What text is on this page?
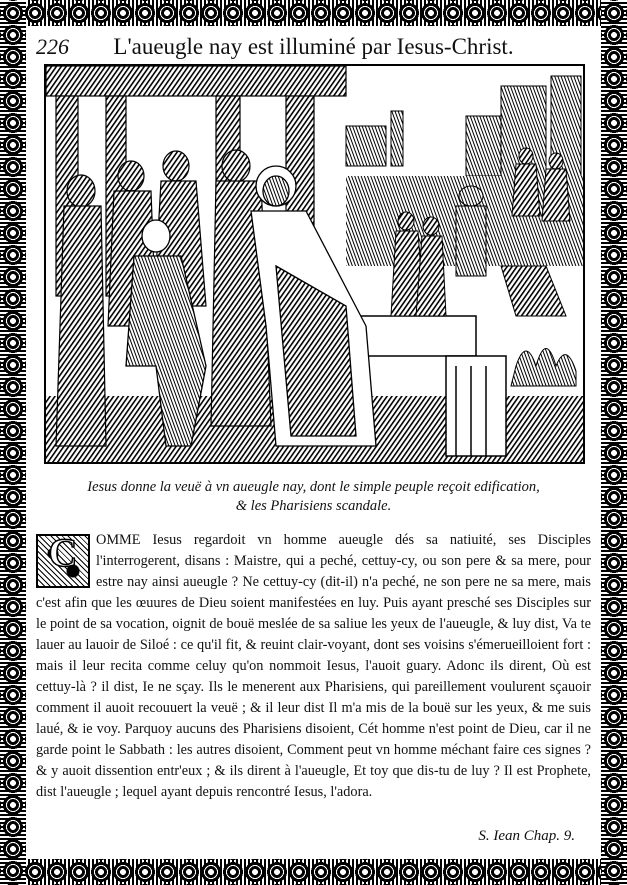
226	L'aueugle nay est illuminé par Iesus-Christ.
Iesus donne la veuë à vn aueugle nay, dont le simple peuple reçoit edification,
& les Pharisiens scandale.
C	OMME Iesus regardoit vn homme aueugle dés sa natiuité, ses Disciples l'interrogerent, disans : Maistre, qui a peché, cettuy-cy, ou son pere & sa mere, pour estre nay ainsi aueugle ? Ne cettuy-cy (dit-il) n'a peché, ne son pere ne sa mere, mais c'est afin que les œuures de Dieu soient manifestées en luy. Puis ayant presché ses Disciples sur le point de sa vocation, oignit de bouë meslée de sa saliue les yeux de l'aueugle, & luy dist, Va te lauer au lauoir de Siloé : ce qu'il fit, & reuint clair-voyant, dont ses voisins s'émerueilloient fort : mais il leur recita comme celuy qu'on nommoit Iesus, l'auoit guary. Adonc ils dirent, Où est cettuy-là ? il dist, Ie ne sçay. Ils le menerent aux Pharisiens, qui pareillement voulurent sçauoir comment il auoit recouuert la veuë ; & il leur dist Il m'a mis de la bouë sur les yeux, & me suis laué, & ie voy. Parquoy aucuns des Pharisiens disoient, Cét homme n'est point de Dieu, car il ne garde point le Sabbath : les autres disoient, Comment peut vn homme méchant faire ces signes ? & y auoit dissention entr'eux ; & ils dirent à l'aueugle, Et toy que dis-tu de luy ? Il est Prophete, dist l'aueugle ; lequel ayant depuis rencontré Iesus, l'adora.

S. Iean Chap. 9.
